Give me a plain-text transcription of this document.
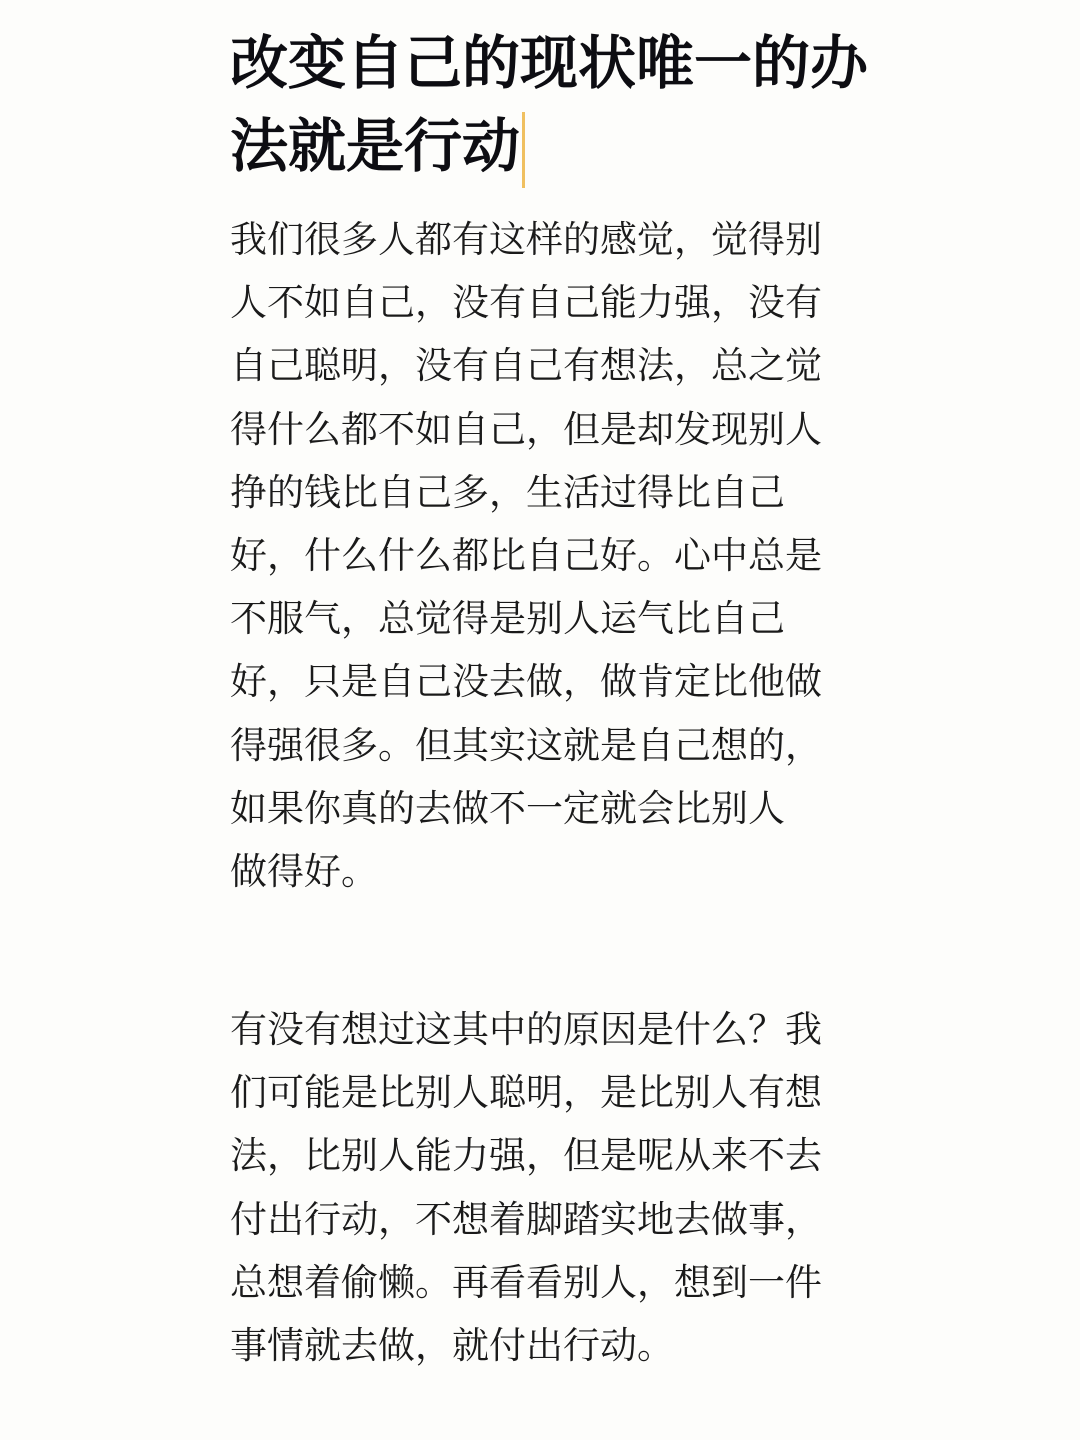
改变自己的现状唯一的办
法就是行动
我们很多人都有这样的感觉，觉得别
人不如自己，没有自己能力强，没有
自己聪明，没有自己有想法，总之觉
得什么都不如自己，但是却发现别人
挣的钱比自己多，生活过得比自己
好，什么什么都比自己好。心中总是
不服气，总觉得是别人运气比自己
好，只是自己没去做，做肯定比他做
得强很多。但其实这就是自己想的，
如果你真的去做不一定就会比别人
做得好。
有没有想过这其中的原因是什么？我
们可能是比别人聪明，是比别人有想
法，比别人能力强，但是呢从来不去
付出行动，不想着脚踏实地去做事，
总想着偷懒。再看看别人，想到一件
事情就去做，就付出行动。
